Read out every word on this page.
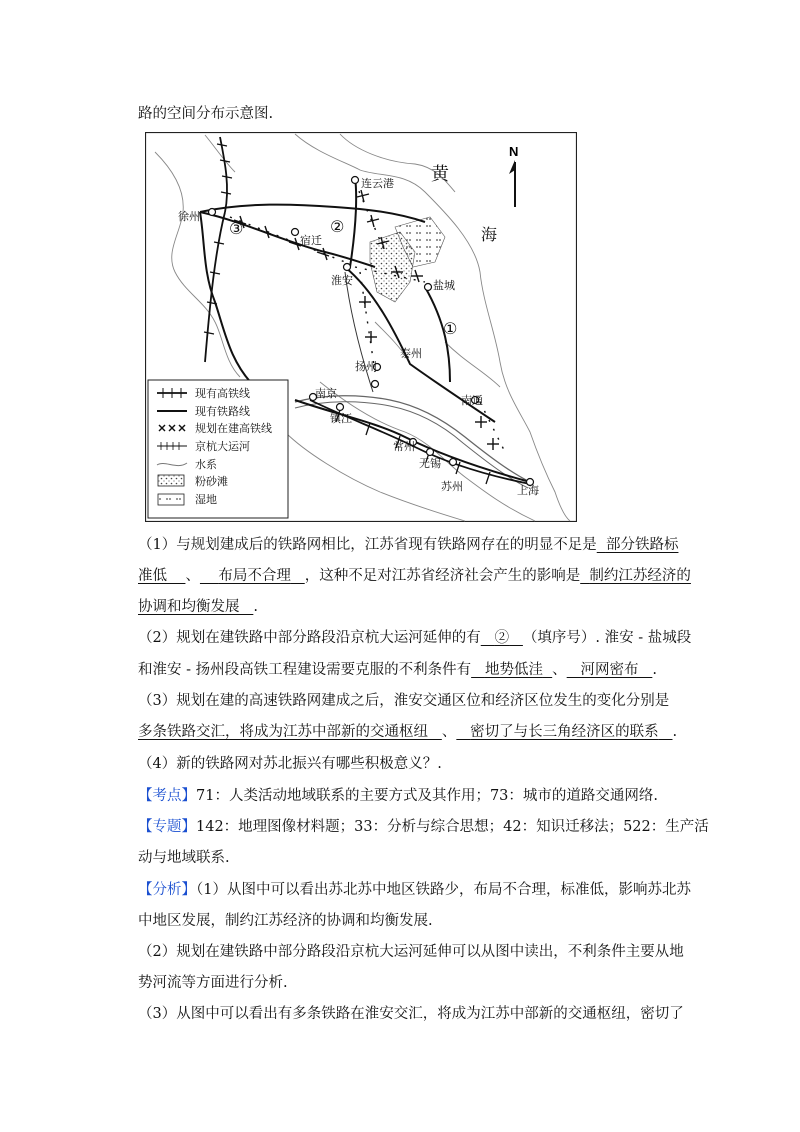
路的空间分布示意图.
连云港
徐州
宿迁
淮安	盐城
泰州
扬州
南京
镇江
常州
无锡
苏州
南通
上海
黄
海
N
①
②
③
现有高铁线
现有铁路线
规划在建高铁线
京杭大运河
水系
粉砂滩
湿地
（1）与规划建成后的铁路网相比，江苏省现有铁路网存在的明显不足是 部分铁路标
准低 、 布局不合理 ，这种不足对江苏省经济社会产生的影响是 制约江苏经济的
协调和均衡发展 .
（2）规划在建铁路中部分路段沿京杭大运河延伸的有 ② （填序号）. 淮安 - 盐城段
和淮安 - 扬州段高铁工程建设需要克服的不利条件有 地势低洼 、 河网密布 .
（3）规划在建的高速铁路网建成之后，淮安交通区位和经济区位发生的变化分别是
多条铁路交汇，将成为江苏中部新的交通枢纽 、 密切了与长三角经济区的联系 .
（4）新的铁路网对苏北振兴有哪些积极意义？.
【考点】71：人类活动地域联系的主要方式及其作用；73：城市的道路交通网络.
【专题】142：地理图像材料题；33：分析与综合思想；42：知识迁移法；522：生产活
动与地域联系.
【分析】（1）从图中可以看出苏北苏中地区铁路少，布局不合理，标准低，影响苏北苏
中地区发展，制约江苏经济的协调和均衡发展.
（2）规划在建铁路中部分路段沿京杭大运河延伸可以从图中读出，不利条件主要从地
势河流等方面进行分析.
（3）从图中可以看出有多条铁路在淮安交汇，将成为江苏中部新的交通枢纽，密切了
